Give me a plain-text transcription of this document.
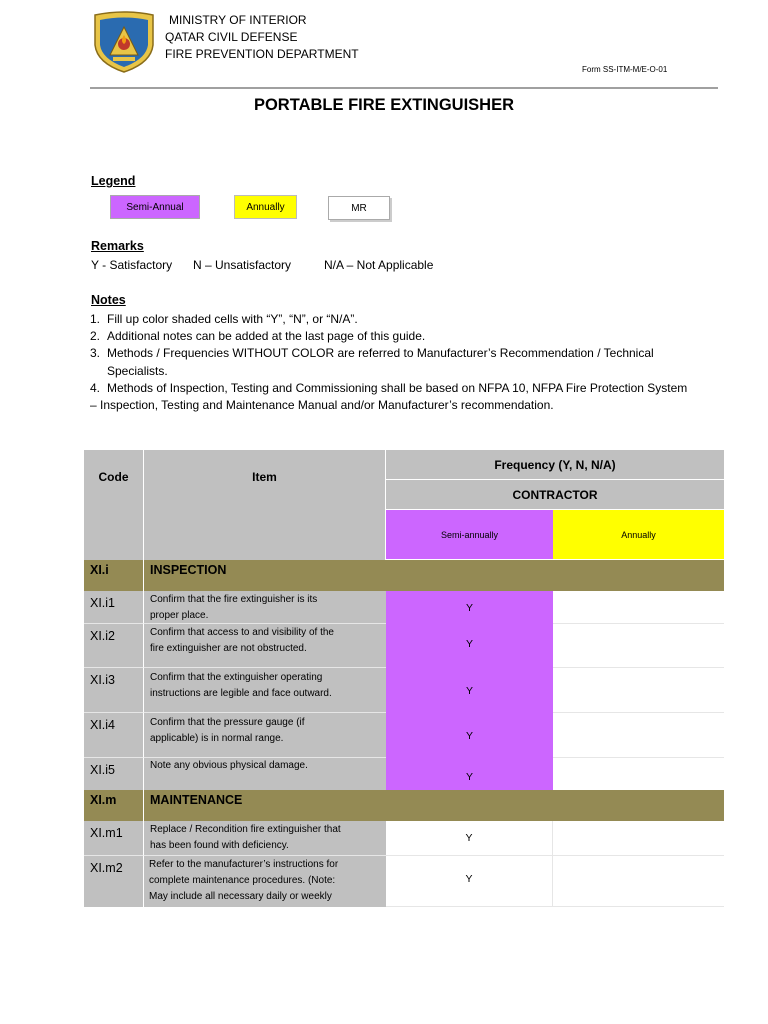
MINISTRY OF INTERIOR
QATAR CIVIL DEFENSE
FIRE PREVENTION DEPARTMENT
Form SS-ITM-M/E-O-01
PORTABLE FIRE EXTINGUISHER
Legend
Semi-Annual	Annually	MR
Remarks
Y - Satisfactory N – Unsatisfactory	N/A – Not Applicable
Notes
1. Fill up color shaded cells with “Y”, “N”, or “N/A”.
2. Additional notes can be added at the last page of this guide.
3. Methods / Frequencies WITHOUT COLOR are referred to Manufacturer’s Recommendation / Technical
Specialists.
4. Methods of Inspection, Testing and Commissioning shall be based on NFPA 10, NFPA Fire Protection System
– Inspection, Testing and Maintenance Manual and/or Manufacturer’s recommendation.
Code	Item
Frequency (Y, N, N/A)
CONTRACTOR
Semi-annually	Annually
XI.i	INSPECTION
XI.i1	Confirm that the fire extinguisher is its
proper place.
Y
XI.i2	Confirm that access to and visibility of the
fire extinguisher are not obstructed.	Y
XI.i3	Confirm that the extinguisher operating
instructions are legible and face outward.	Y
XI.i4	Confirm that the pressure gauge (if
applicable) is in normal range.	Y
XI.i5	Note any obvious physical damage.
Y
XI.m	MAINTENANCE
XI.m1	Replace / Recondition fire extinguisher that
has been found with deficiency.
Y
XI.m2	Refer to the manufacturer’s instructions for
complete maintenance procedures. (Note:
May include all necessary daily or weekly
Y
